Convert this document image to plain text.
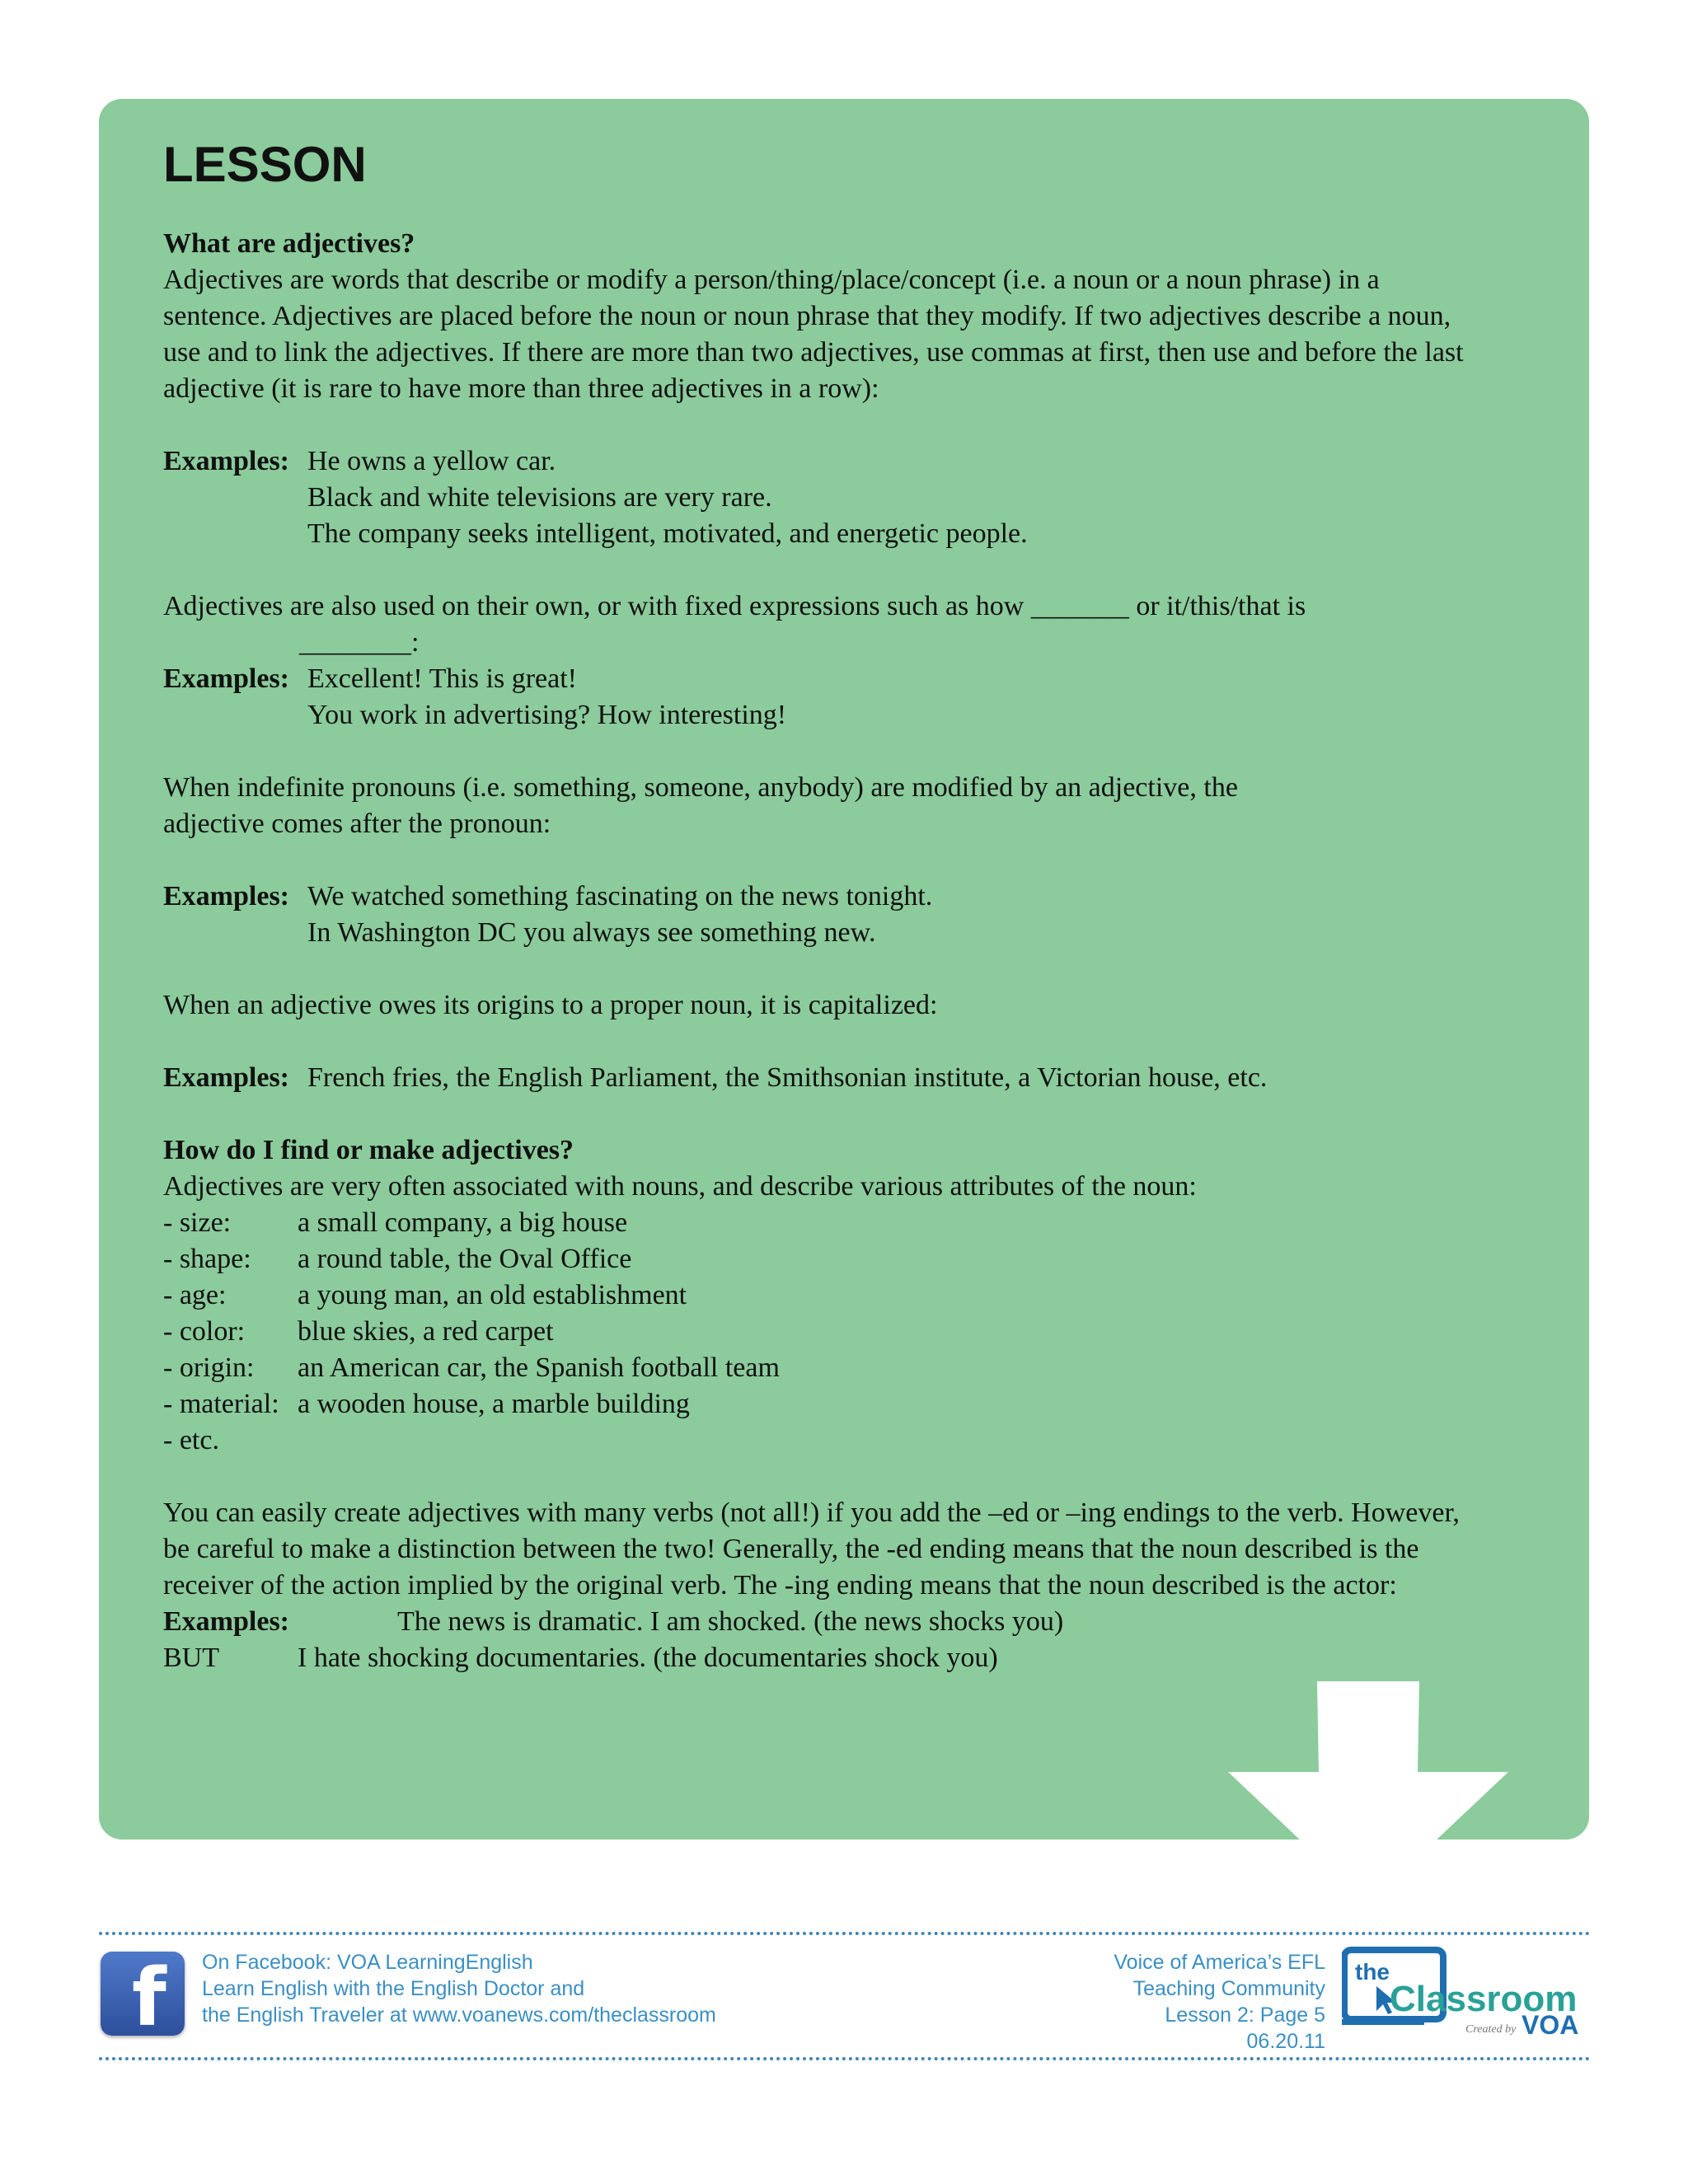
LESSON

What are adjectives?

Adjectives are words that describe or modify a person/thing/place/concept (i.e. a noun or a noun phrase) in a sentence. Adjectives are placed before the noun or noun phrase that they modify. If two adjectives describe a noun, use and to link the adjectives. If there are more than two adjectives, use commas at first, then use and before the last adjective (it is rare to have more than three adjectives in a row):

Examples: He owns a yellow car.

Black and white televisions are very rare.

The company seeks intelligent, motivated, and energetic people.

Adjectives are also used on their own, or with fixed expressions such as how _______ or it/this/that is

________:

Examples: Excellent! This is great!

You work in advertising? How interesting!

When indefinite pronouns (i.e. something, someone, anybody) are modified by an adjective, the adjective comes after the pronoun:

Examples: We watched something fascinating on the news tonight.

In Washington DC you always see something new.

When an adjective owes its origins to a proper noun, it is capitalized:

Examples: French fries, the English Parliament, the Smithsonian institute, a Victorian house, etc.

How do I find or make adjectives?

Adjectives are very often associated with nouns, and describe various attributes of the noun:

- size:	a small company, a big house
- shape:	a round table, the Oval Office
- age:	a young man, an old establishment
- color:	blue skies, a red carpet
- origin:	an American car, the Spanish football team
- material: a wooden house, a marble building
- etc.

You can easily create adjectives with many verbs (not all!) if you add the –ed or –ing endings to the verb. However, be careful to make a distinction between the two! Generally, the -ed ending means that the noun described is the receiver of the action implied by the original verb. The -ing ending means that the noun described is the actor:

Examples:	The news is dramatic. I am shocked. (the news shocks you)
BUT	I hate shocking documentaries. (the documentaries shock you)
f On Facebook: VOA LearningEnglish
Learn English with the English Doctor and
the English Traveler at www.voanews.com/theclassroom
Voice of America’s EFL
Teaching Community
Lesson 2: Page 5
06.20.11
the
Classroom
Created by VOA
